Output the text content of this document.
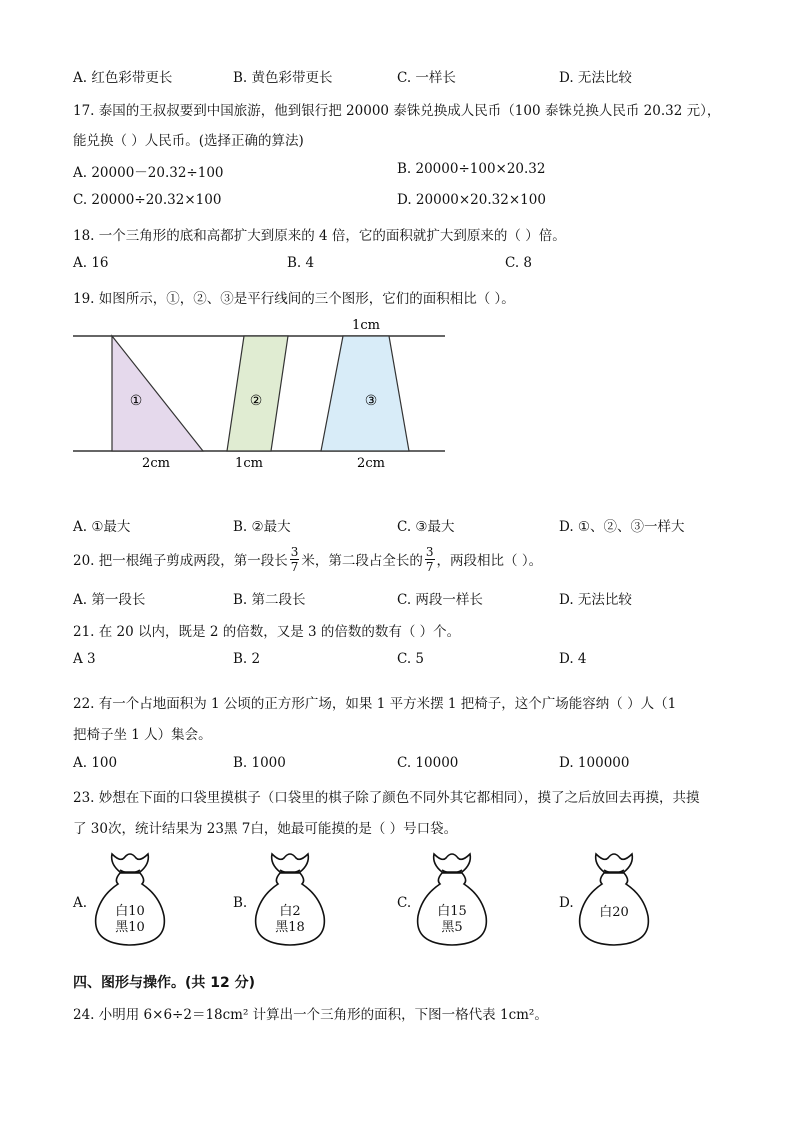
A. 红色彩带更长	B. 黄色彩带更长	C. 一样长	D. 无法比较
17. 泰国的王叔叔要到中国旅游，他到银行把 20000 泰铢兑换成人民币（100 泰铢兑换人民币 20.32 元），
能兑换（ ）人民币。(选择正确的算法)
A. 20000－20.32÷100	B. 20000÷100×20.32
C. 20000÷20.32×100	D. 20000×20.32×100
18. 一个三角形的底和高都扩大到原来的 4 倍，它的面积就扩大到原来的（ ）倍。
A. 16	B. 4	C. 8
19. 如图所示，①，②、③是平行线间的三个图形，它们的面积相比（ ）。
1cm
①	②	③
2cm	1cm	2cm
A. ①最大	B. ②最大	C. ③最大	D. ①、②、③一样大
20. 把一根绳子剪成两段，第一段长 $\frac{3}{7}$ 米，第二段占全长的 $\frac{3}{7}$ ，两段相比（ ）。
A. 第一段长	B. 第二段长	C. 两段一样长	D. 无法比较
21. 在 20 以内，既是 2 的倍数，又是 3 的倍数的数有（ ）个。
A 3	B. 2	C. 5	D. 4
22. 有一个占地面积为 1 公顷的正方形广场，如果 1 平方米摆 1 把椅子，这个广场能容纳（ ）人（1
把椅子坐 1 人）集会。
A. 100	B. 1000	C. 10000	D. 100000
23. 妙想在下面的口袋里摸棋子（口袋里的棋子除了颜色不同外其它都相同），摸了之后放回去再摸，共摸
了 30次，统计结果为 23黑 7白，她最可能摸的是（ ）号口袋。
A.	B.	C.	D.
白10
黑10
白2
黑18
白15
黑5
白20
四、图形与操作。(共 12 分)
24. 小明用 6×6÷2＝18cm² 计算出一个三角形的面积，下图一格代表 1cm²。
